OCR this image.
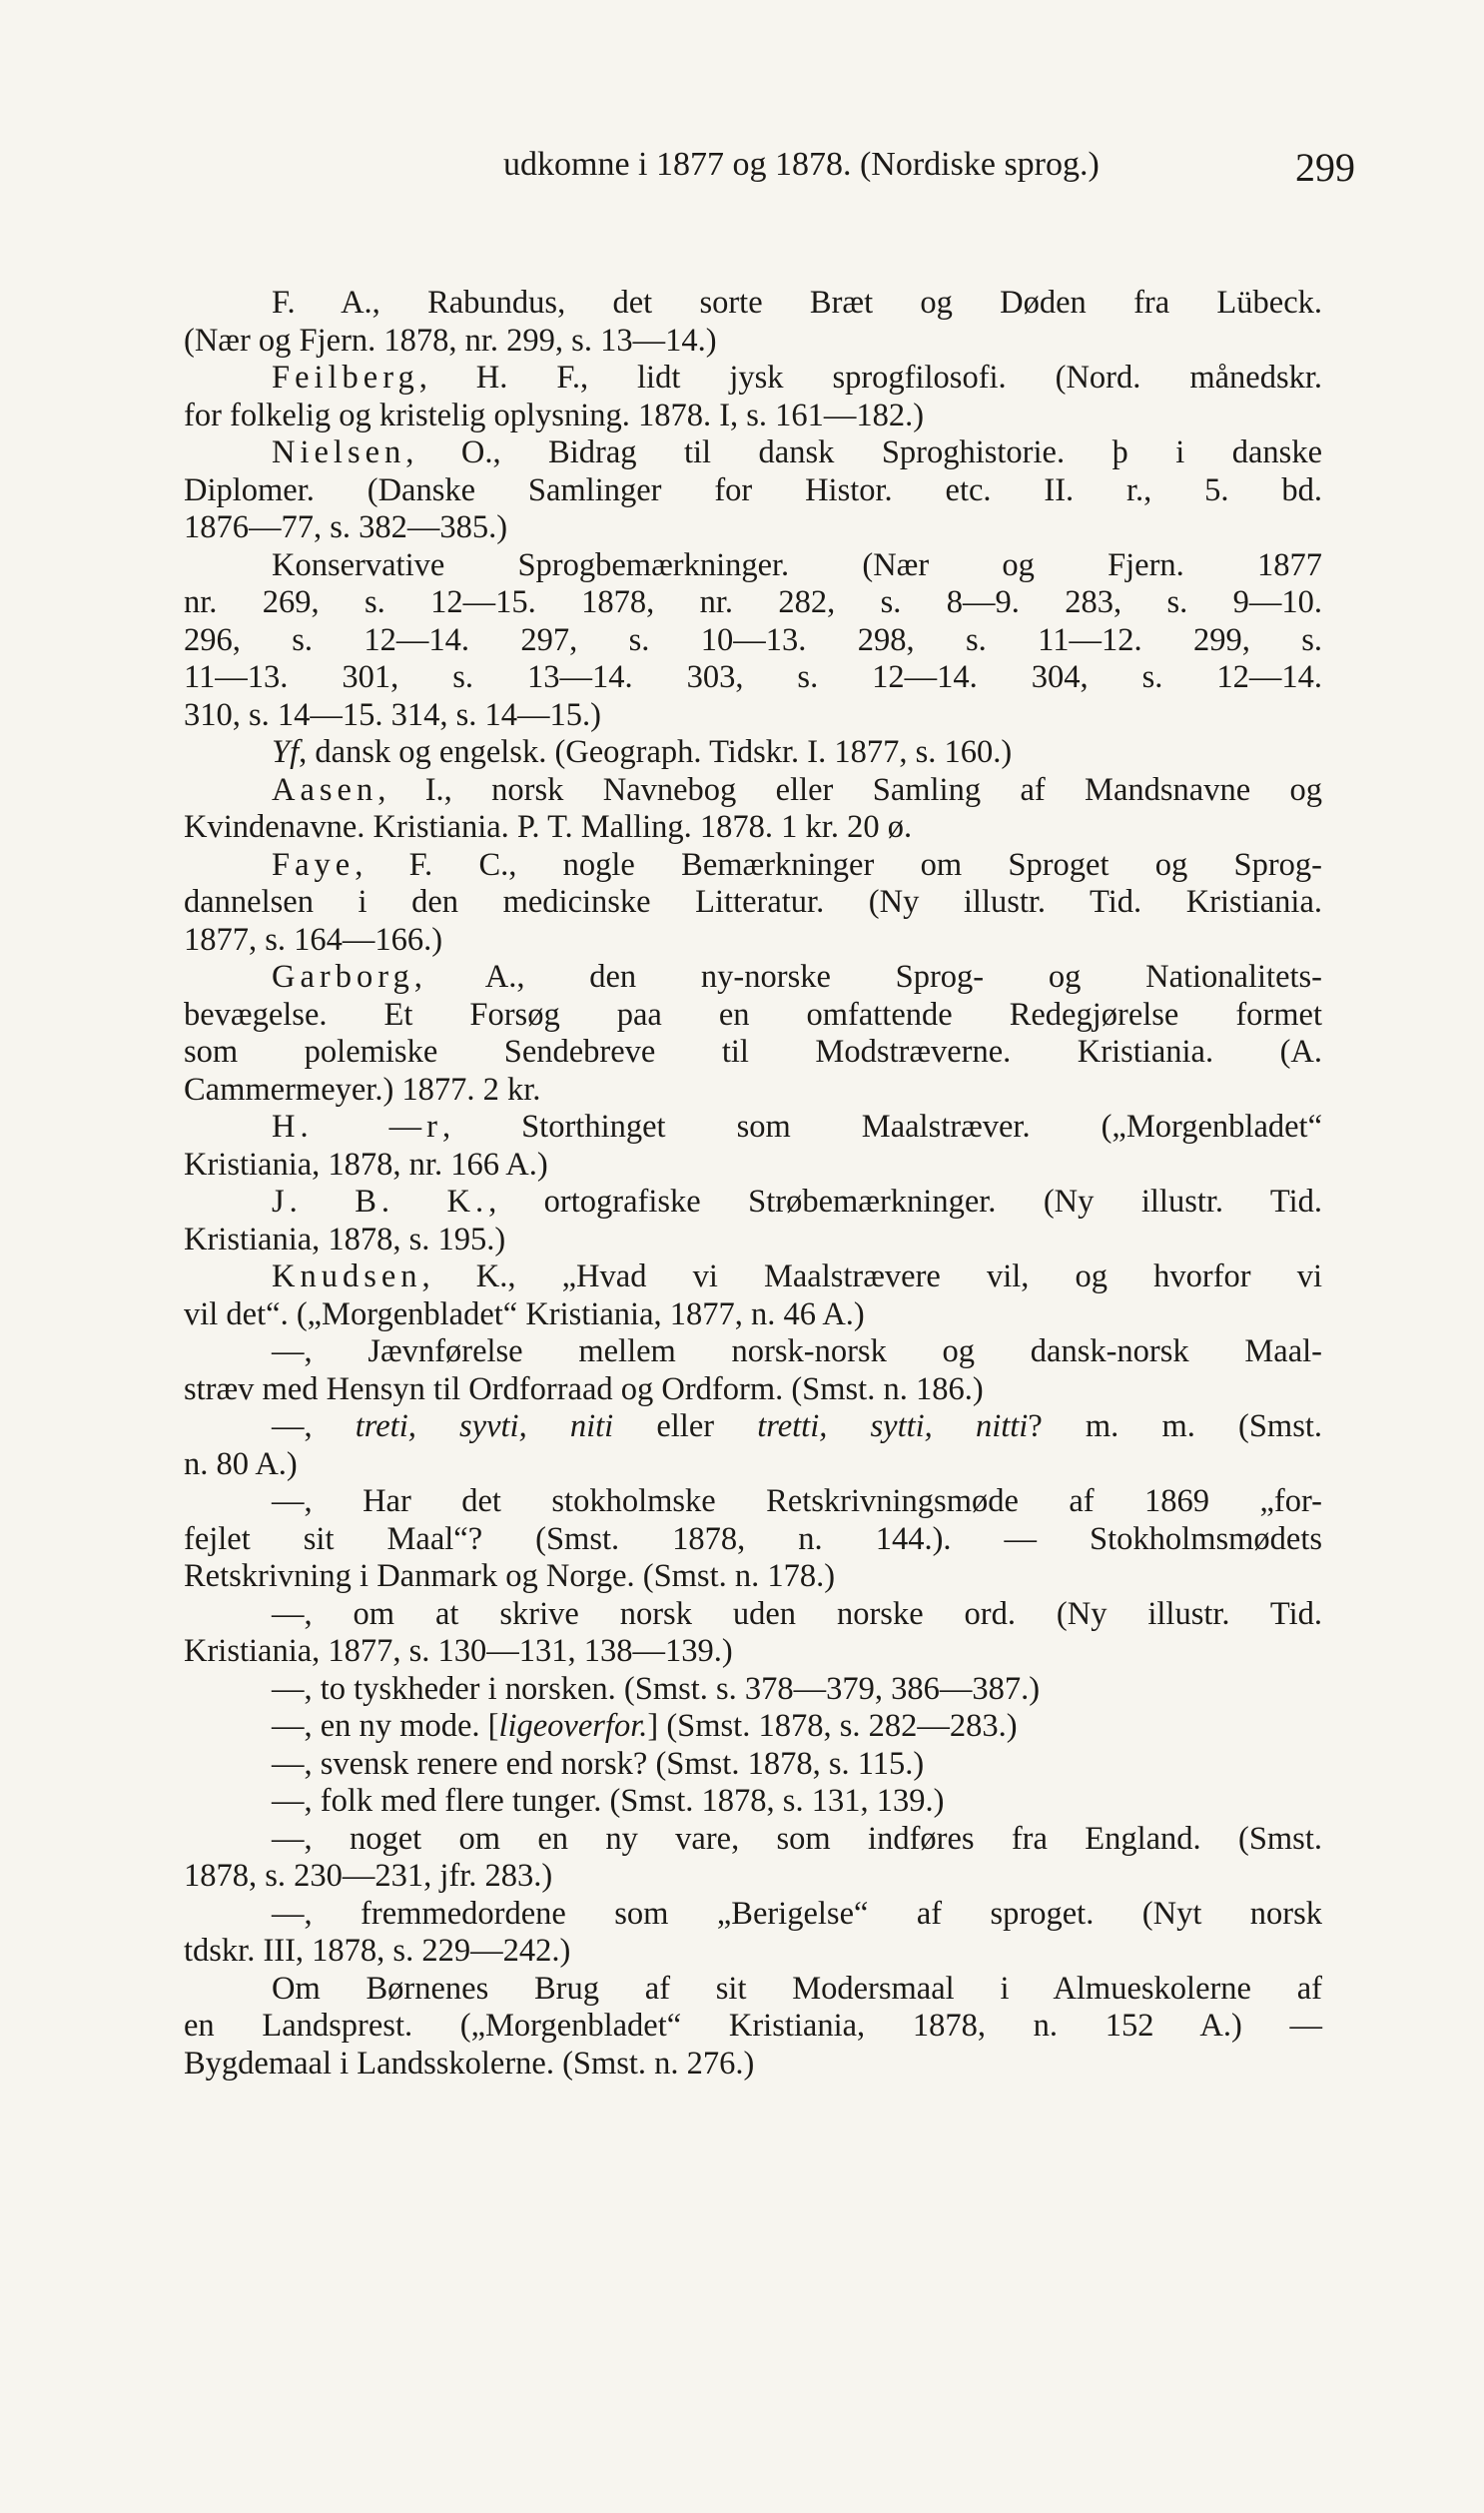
udkomne i 1877 og 1878. (Nordiske sprog.)	299
F. A., Rabundus, det sorte Bræt og Døden fra Lübeck.
(Nær og Fjern. 1878, nr. 299, s. 13—14.)
Feilberg, H. F., lidt jysk sprogfilosofi. (Nord. månedskr.
for folkelig og kristelig oplysning. 1878. I, s. 161—182.)
Nielsen, O., Bidrag til dansk Sproghistorie. þ i danske
Diplomer. (Danske Samlinger for Histor. etc. II. r., 5. bd.
1876—77, s. 382—385.)
Konservative Sprogbemærkninger. (Nær og Fjern. 1877
nr. 269, s. 12—15. 1878, nr. 282, s. 8—9. 283, s. 9—10.
296, s. 12—14. 297, s. 10—13. 298, s. 11—12. 299, s.
11—13. 301, s. 13—14. 303, s. 12—14. 304, s. 12—14.
310, s. 14—15. 314, s. 14—15.)
Yf, dansk og engelsk. (Geograph. Tidskr. I. 1877, s. 160.)
Aasen, I., norsk Navnebog eller Samling af Mandsnavne og
Kvindenavne. Kristiania. P. T. Malling. 1878. 1 kr. 20 ø.
Faye, F. C., nogle Bemærkninger om Sproget og Sprog-
dannelsen i den medicinske Litteratur. (Ny illustr. Tid. Kristiania.
1877, s. 164—166.)
Garborg, A., den ny-norske Sprog- og Nationalitets-
bevægelse. Et Forsøg paa en omfattende Redegjørelse formet
som polemiske Sendebreve til Modstræverne. Kristiania. (A.
Cammermeyer.) 1877. 2 kr.
H. —r, Storthinget som Maalstræver. („Morgenbladet“
Kristiania, 1878, nr. 166 A.)
J. B. K., ortografiske Strøbemærkninger. (Ny illustr. Tid.
Kristiania, 1878, s. 195.)
Knudsen, K., „Hvad vi Maalstrævere vil, og hvorfor vi
vil det“. („Morgenbladet“ Kristiania, 1877, n. 46 A.)
—, Jævnførelse mellem norsk-norsk og dansk-norsk Maal-
stræv med Hensyn til Ordforraad og Ordform. (Smst. n. 186.)
—, treti, syvti, niti eller tretti, sytti, nitti? m. m. (Smst.
n. 80 A.)
—, Har det stokholmske Retskrivningsmøde af 1869 „for-
fejlet sit Maal“? (Smst. 1878, n. 144.). — Stokholmsmødets
Retskrivning i Danmark og Norge. (Smst. n. 178.)
—, om at skrive norsk uden norske ord. (Ny illustr. Tid.
Kristiania, 1877, s. 130—131, 138—139.)
—, to tyskheder i norsken. (Smst. s. 378—379, 386—387.)
—, en ny mode. [ligeoverfor.] (Smst. 1878, s. 282—283.)
—, svensk renere end norsk? (Smst. 1878, s. 115.)
—, folk med flere tunger. (Smst. 1878, s. 131, 139.)
—, noget om en ny vare, som indføres fra England. (Smst.
1878, s. 230—231, jfr. 283.)
—, fremmedordene som „Berigelse“ af sproget. (Nyt norsk
tdskr. III, 1878, s. 229—242.)
Om Børnenes Brug af sit Modersmaal i Almueskolerne af
en Landsprest. („Morgenbladet“ Kristiania, 1878, n. 152 A.) —
Bygdemaal i Landsskolerne. (Smst. n. 276.)
